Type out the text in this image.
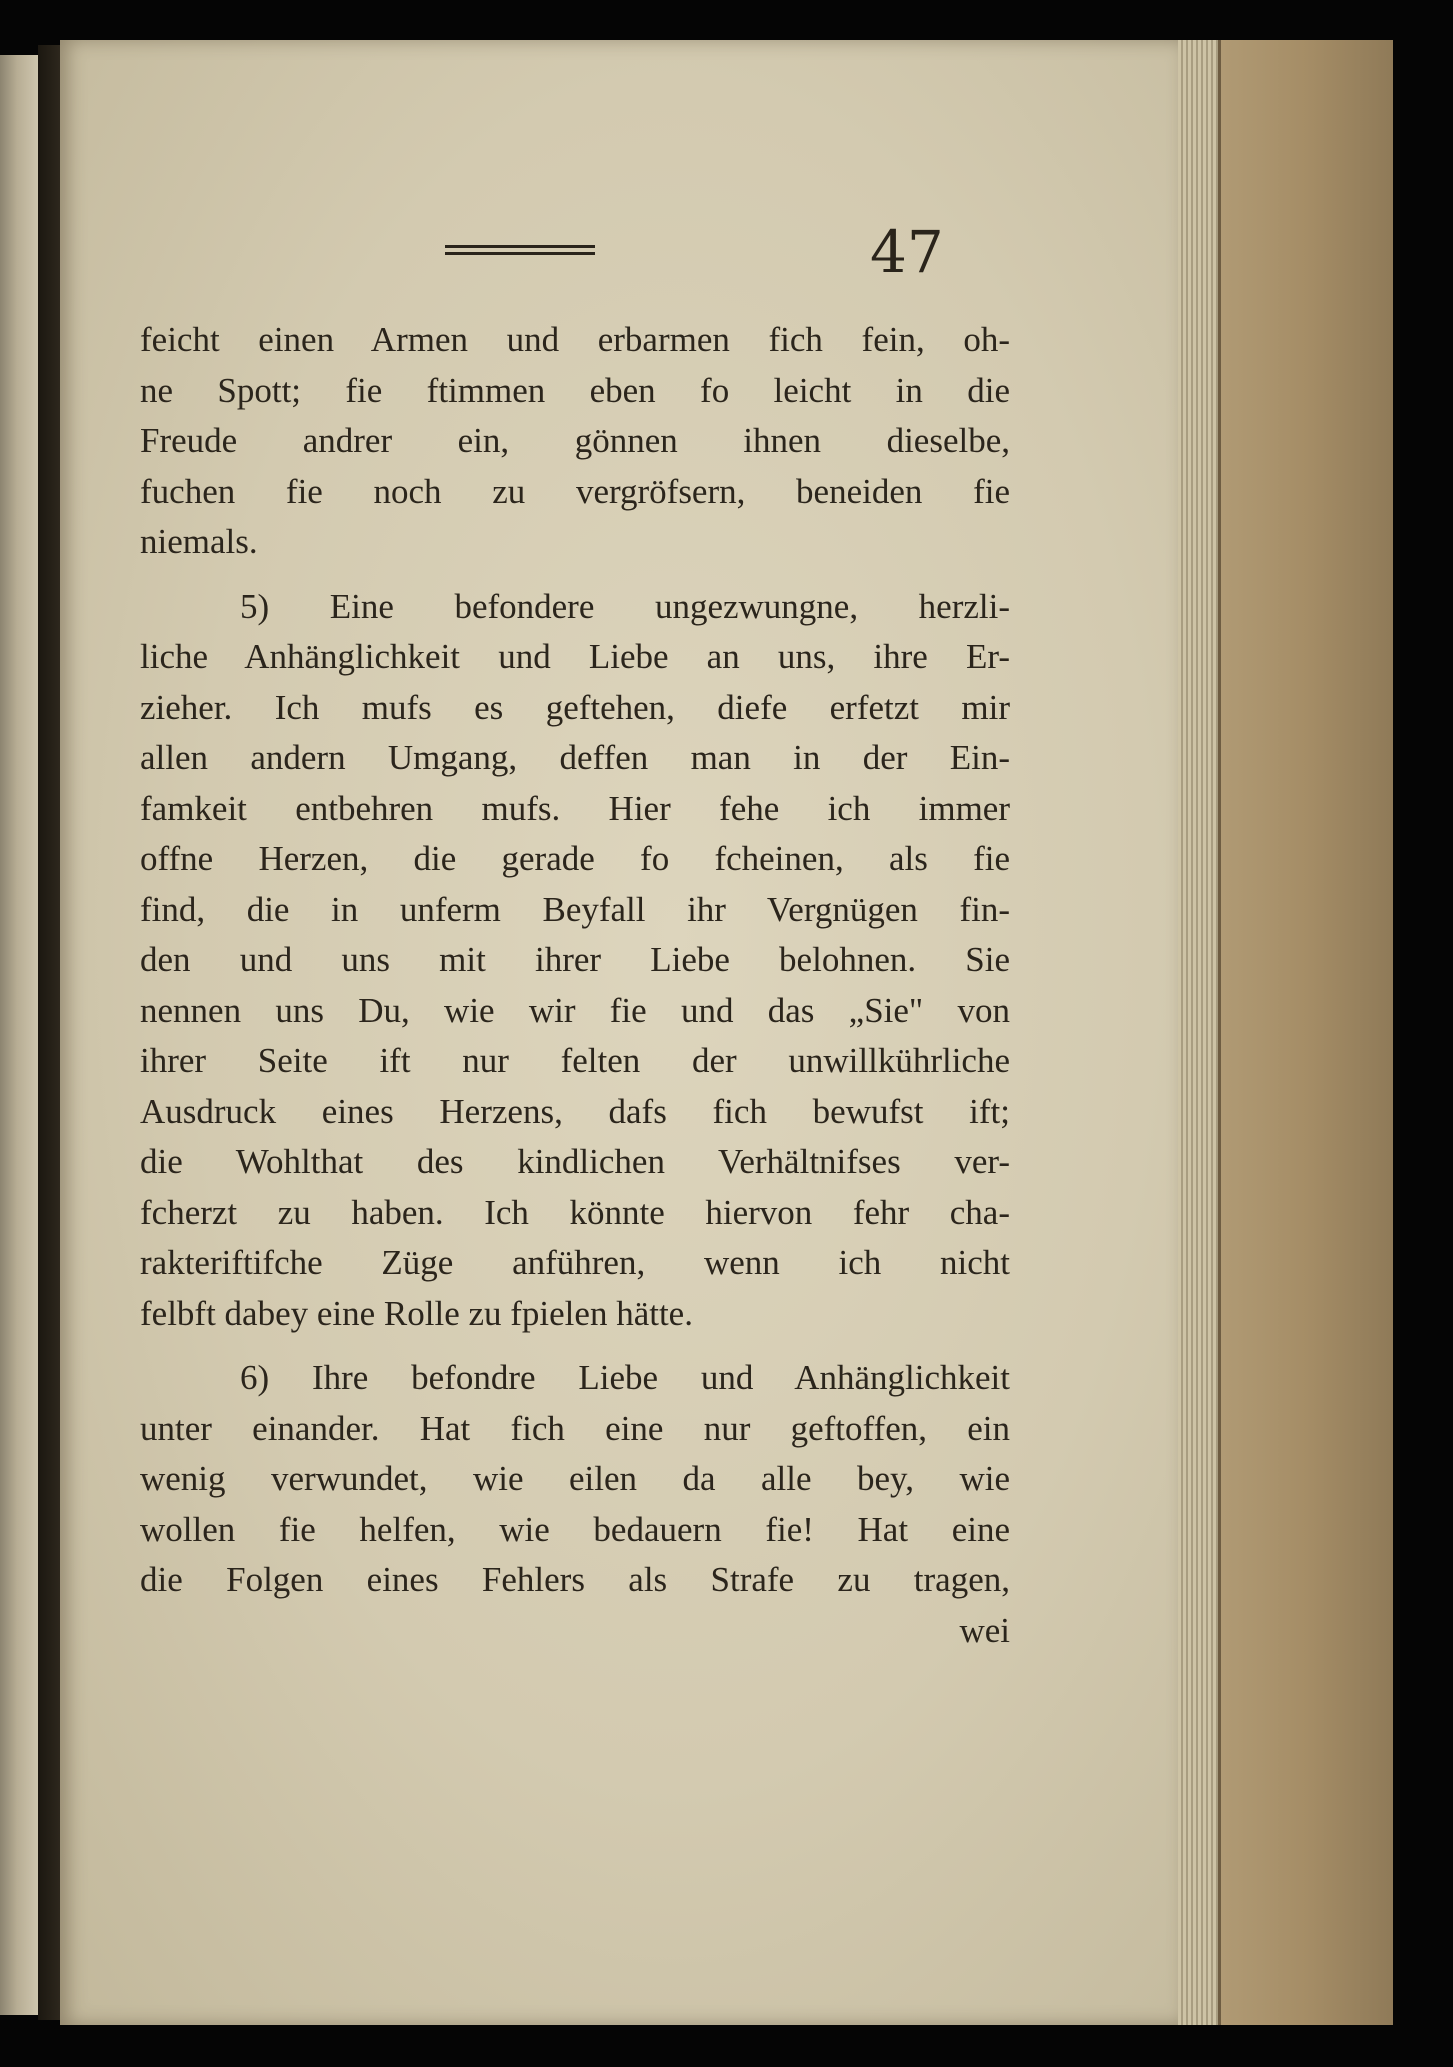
47
feicht einen Armen und erbarmen fich fein, oh-
ne Spott; fie ftimmen eben fo leicht in die
Freude andrer ein, gönnen ihnen dieselbe,
fuchen fie noch zu vergröfsern, beneiden fie
niemals.
5) Eine befondere ungezwungne, herzli-
liche Anhänglichkeit und Liebe an uns, ihre Er-
zieher. Ich mufs es geftehen, diefe erfetzt mir
allen andern Umgang, deffen man in der Ein-
famkeit entbehren mufs. Hier fehe ich immer
offne Herzen, die gerade fo fcheinen, als fie
find, die in unferm Beyfall ihr Vergnügen fin-
den und uns mit ihrer Liebe belohnen. Sie
nennen uns Du, wie wir fie und das „Sie" von
ihrer Seite ift nur felten der unwillkührliche
Ausdruck eines Herzens, dafs fich bewufst ift;
die Wohlthat des kindlichen Verhältnifses ver-
fcherzt zu haben. Ich könnte hiervon fehr cha-
rakteriftifche Züge anführen, wenn ich nicht
felbft dabey eine Rolle zu fpielen hätte.
6) Ihre befondre Liebe und Anhänglichkeit
unter einander. Hat fich eine nur geftoffen, ein
wenig verwundet, wie eilen da alle bey, wie
wollen fie helfen, wie bedauern fie! Hat eine
die Folgen eines Fehlers als Strafe zu tragen,
wei
